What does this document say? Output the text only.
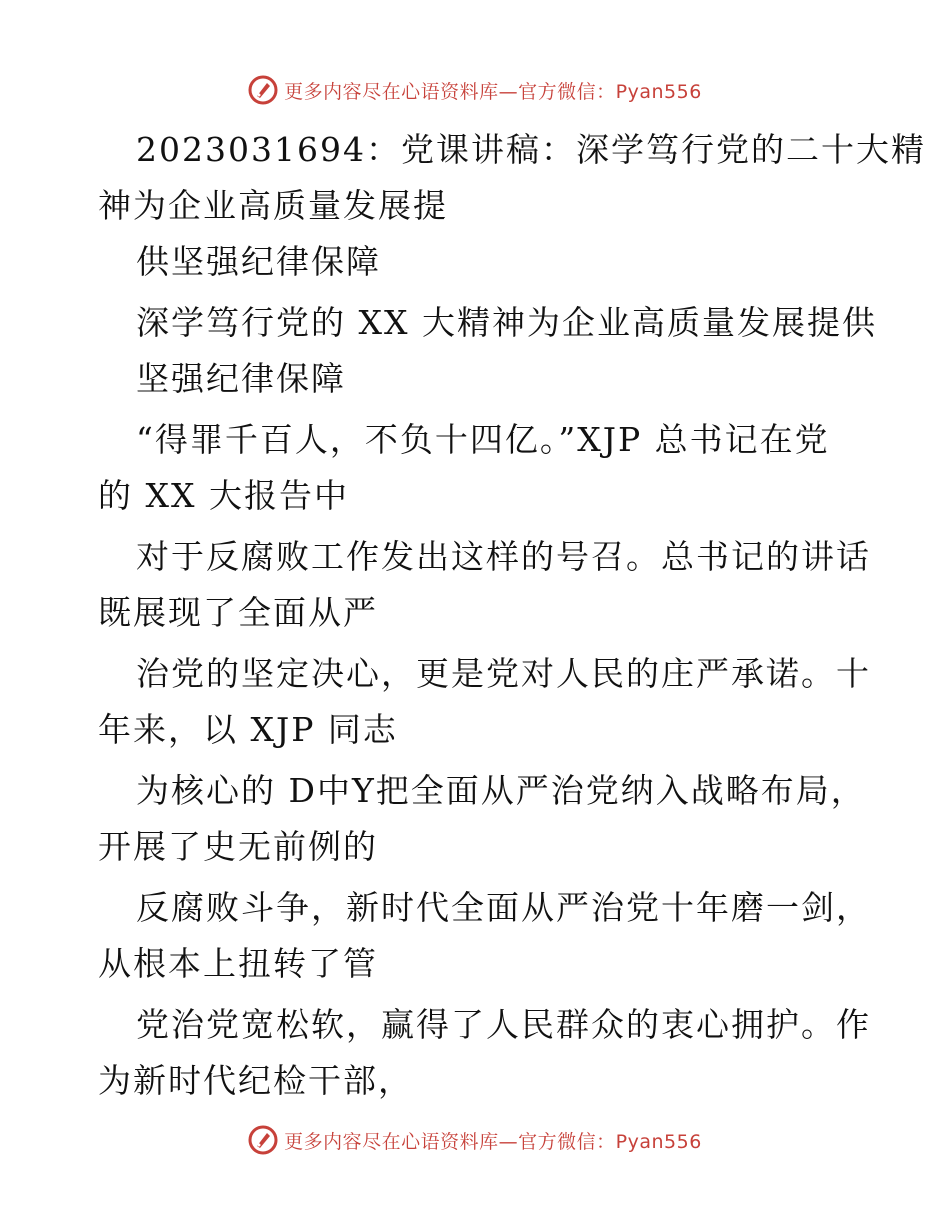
更多内容尽在心语资料库—官方微信：Pyan556
2023031694：党课讲稿：深学笃行党的二十大精
神为企业高质量发展提
供坚强纪律保障
深学笃行党的 XX 大精神为企业高质量发展提供
坚强纪律保障
“得罪千百人，不负十四亿。”XJP 总书记在党
的 XX 大报告中
对于反腐败工作发出这样的号召。总书记的讲话
既展现了全面从严
治党的坚定决心，更是党对人民的庄严承诺。十
年来，以 XJP 同志
为核心的 D中Y把全面从严治党纳入战略布局，
开展了史无前例的
反腐败斗争，新时代全面从严治党十年磨一剑，
从根本上扭转了管
党治党宽松软，赢得了人民群众的衷心拥护。作
为新时代纪检干部，
更多内容尽在心语资料库—官方微信：Pyan556
